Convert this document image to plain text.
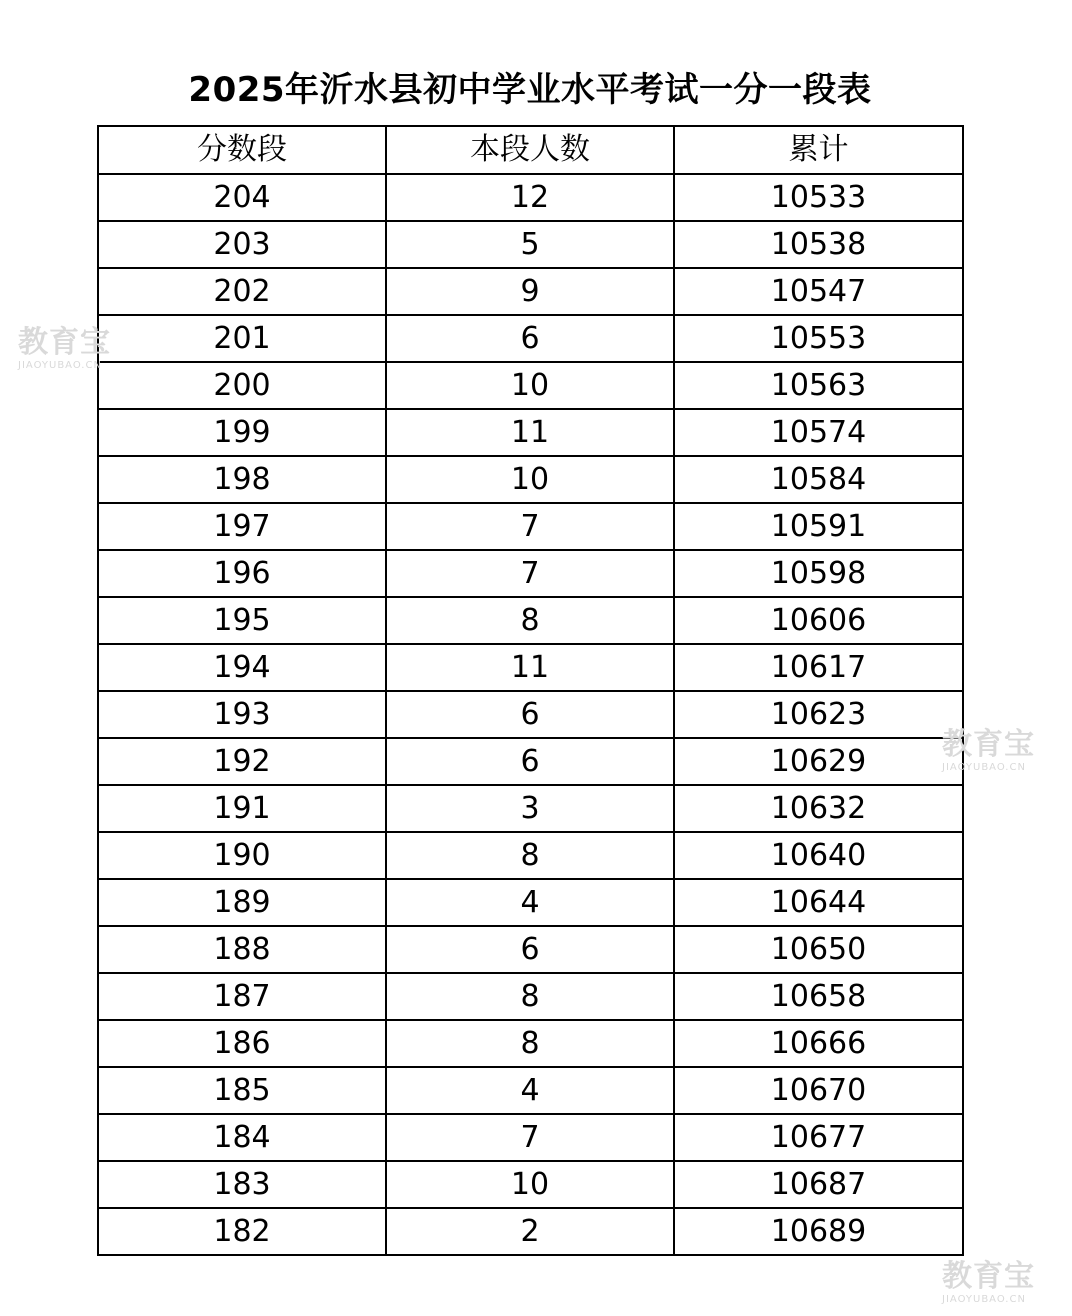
2025年沂水县初中学业水平考试一分一段表
分数段	本段人数	累计
204	12	10533
203	5	10538
202	9	10547
201	6	10553
200	10	10563
199	11	10574
198	10	10584
197	7	10591
196	7	10598
195	8	10606
194	11	10617
193	6	10623
192	6	10629
191	3	10632
190	8	10640
189	4	10644
188	6	10650
187	8	10658
186	8	10666
185	4	10670
184	7	10677
183	10	10687
182	2	10689
教育宝
JIAOYUBAO.CN
教育宝
JIAOYUBAO.CN
教育宝
JIAOYUBAO.CN
